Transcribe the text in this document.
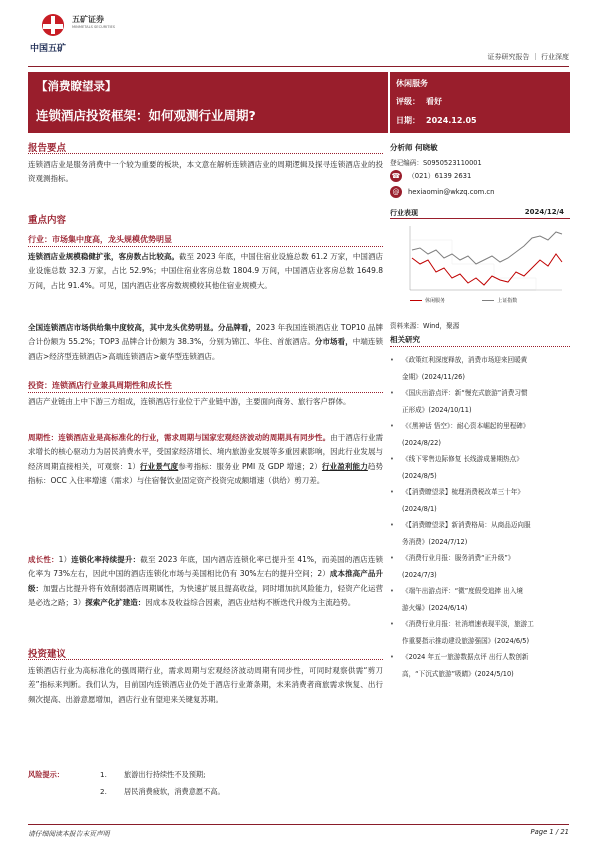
中国五矿
五矿证券
MINMETALS SECURITIES
证券研究报告 ｜ 行业深度
【消费瞭望录】
连锁酒店投资框架：如何观测行业周期?
休闲服务
评级： 看好
日期： 2024.12.05
报告要点
连锁酒店业是服务消费中一个较为重要的板块，本文意在解析连锁酒店业的周期逻辑及探寻连锁酒店业的投资观测指标。
重点内容
行业：市场集中度高，龙头规模优势明显
连锁酒店业规模稳健扩张，客房数占比较高。截至 2023 年底，中国住宿业设施总数 61.2 万家，中国酒店业设施总数 32.3 万家，占比 52.9%；中国住宿业客房总数 1804.9 万间，中国酒店业客房总数 1649.8 万间，占比 91.4%。可见，国内酒店业客房数规模较其他住宿业规模大。
全国连锁酒店市场供给集中度较高，其中龙头优势明显。分品牌看，2023 年我国连锁酒店业 TOP10 品牌合计份额为 55.2%；TOP3 品牌合计份额为 38.3%，分别为锦江、华住、首旅酒店。分市场看，中端连锁酒店>经济型连锁酒店>高端连锁酒店>豪华型连锁酒店。
投资：连锁酒店行业兼具周期性和成长性
酒店产业链由上中下游三方组成，连锁酒店行业位于产业链中游，主要面向商务、旅行客户群体。
周期性：连锁酒店业是高标准化的行业，需求周期与国家宏观经济波动的周期具有同步性。由于酒店行业需求增长的核心驱动力为居民消费水平，受国家经济增长、境内旅游业发展等多重因素影响，因此行业发展与经济周期直接相关，可观察：1）行业景气度参考指标：服务业 PMI 及 GDP 增速；2）行业盈利能力趋势指标：OCC 入住率增速（需求）与住宿餐饮业固定资产投资完成额增速（供给）剪刀差。
成长性：1）连锁化率持续提升：截至 2023 年底，国内酒店连锁化率已提升至 41%，而美国的酒店连锁化率为 73%左右，因此中国的酒店连锁化市场与美国相比仍有 30%左右的提升空间；2）成本推高产品升级：加盟占比提升将有效削弱酒店周期属性，为快速扩展且提高收益，同时增加抗风险能力，轻资产化运营是必选之路；3）探索产化扩建造：因成本及收益综合因素，酒店业结构不断迭代升级为主流趋势。
投资建议
连锁酒店行业为高标准化的强周期行业，需求周期与宏观经济波动周期有同步性，可同时观察供需“剪刀差”指标来判断。我们认为，目前国内连锁酒店业仍处于酒店行业萧条期，未来消费者商旅需求恢复、出行频次提高、出游意愿增加，酒店行业有望迎来关键复苏期。
风险提示：	1. 旅游出行持续性不及预期;
2. 居民消费疲软，消费意愿不高。
分析师 何晓敏
登记编码：S0950523110001
☎ （021）6139 2631
@ hexiaomin@wkzq.com.cn
行业表现	2024/12/4
休闲服务	上证指数
资料来源：Wind，聚源
相关研究
• 《政策红利深度释放，消费市场迎来回暖黄
金期》(2024/11/26)
• 《国庆出游点评：新“慢充式旅游”消费习惯
正形成》(2024/10/11)
• 《《黑神话 悟空》：耐心资本崛起的里程碑》
(2024/8/22)
• 《线下零售边际修复 长线游成暑期热点》
(2024/8/5)
• 《【消费瞭望录】梳理消费税改革三十年》
(2024/8/1)
• 《【消费瞭望录】新消费格局：从商品迈向服
务消费》(2024/7/12)
• 《消费行业月报：服务消费“正升级”》
(2024/7/3)
• 《端午出游点评：“微”度假受追捧 出入境
游火爆》(2024/6/14)
• 《消费行业月报：社消增速表现平淡，旅游工
作重要指示推动建设旅游强国》(2024/6/5)
• 《2024 年五一旅游数据点评 出行人数创新
高，“下沉式旅游”吸睛》(2024/5/10)
请仔细阅读本报告末页声明	Page 1 / 21
